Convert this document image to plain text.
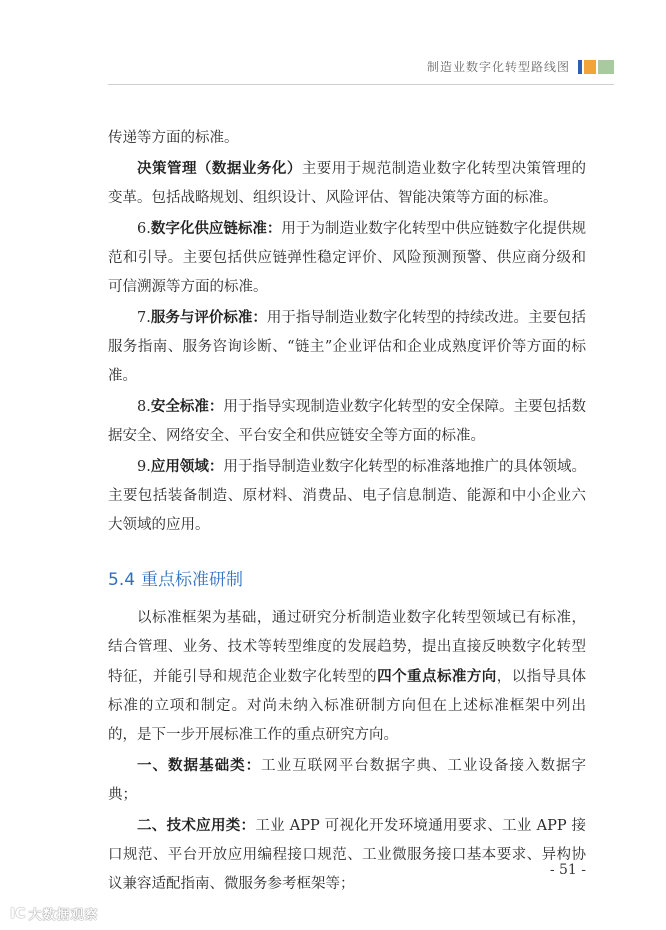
制造业数字化转型路线图

传递等方面的标准。

决策管理（数据业务化）主要用于规范制造业数字化转型决策管理的变革。包括战略规划、组织设计、风险评估、智能决策等方面的标准。

6.数字化供应链标准：用于为制造业数字化转型中供应链数字化提供规范和引导。主要包括供应链弹性稳定评价、风险预测预警、供应商分级和可信溯源等方面的标准。

7.服务与评价标准：用于指导制造业数字化转型的持续改进。主要包括服务指南、服务咨询诊断、“链主”企业评估和企业成熟度评价等方面的标准。

8.安全标准：用于指导实现制造业数字化转型的安全保障。主要包括数据安全、网络安全、平台安全和供应链安全等方面的标准。

9.应用领域：用于指导制造业数字化转型的标准落地推广的具体领域。主要包括装备制造、原材料、消费品、电子信息制造、能源和中小企业六大领域的应用。

5.4 重点标准研制

以标准框架为基础，通过研究分析制造业数字化转型领域已有标准，结合管理、业务、技术等转型维度的发展趋势，提出直接反映数字化转型特征，并能引导和规范企业数字化转型的四个重点标准方向，以指导具体标准的立项和制定。对尚未纳入标准研制方向但在上述标准框架中列出的，是下一步开展标准工作的重点研究方向。

一、数据基础类：工业互联网平台数据字典、工业设备接入数据字典；

二、技术应用类：工业 APP 可视化开发环境通用要求、工业 APP 接口规范、平台开放应用编程接口规范、工业微服务接口基本要求、异构协议兼容适配指南、微服务参考框架等；

- 51 -
IC 大数据观察
